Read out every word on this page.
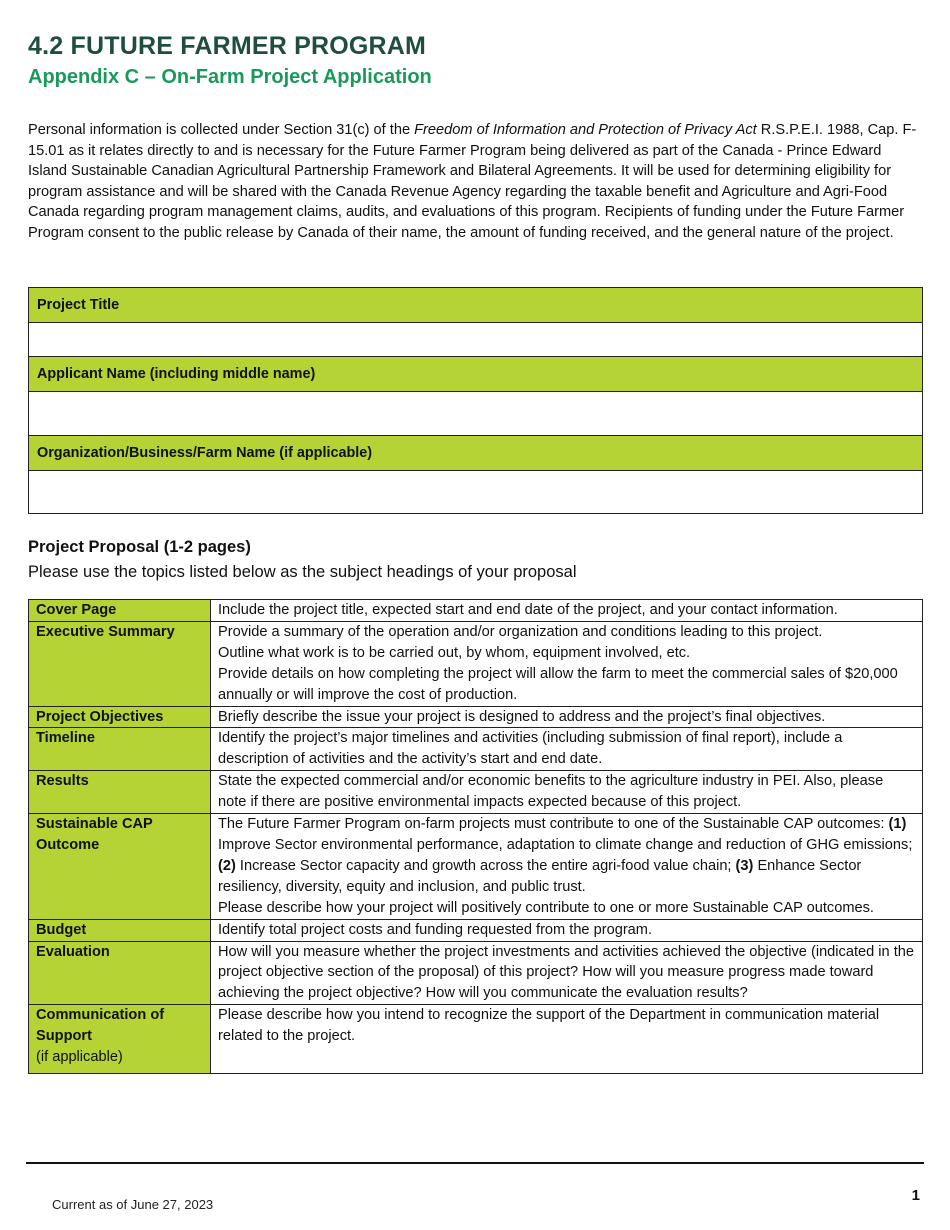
4.2 FUTURE FARMER PROGRAM
Appendix C – On-Farm Project Application

Personal information is collected under Section 31(c) of the Freedom of Information and Protection of Privacy Act R.S.P.E.I. 1988, Cap. F-15.01 as it relates directly to and is necessary for the Future Farmer Program being delivered as part of the Canada - Prince Edward Island Sustainable Canadian Agricultural Partnership Framework and Bilateral Agreements. It will be used for determining eligibility for program assistance and will be shared with the Canada Revenue Agency regarding the taxable benefit and Agriculture and Agri-Food Canada regarding program management claims, audits, and evaluations of this program. Recipients of funding under the Future Farmer Program consent to the public release by Canada of their name, the amount of funding received, and the general nature of the project.

Project Title

Applicant Name (including middle name)

Organization/Business/Farm Name (if applicable)

Project Proposal (1-2 pages)
Please use the topics listed below as the subject headings of your proposal
Cover Page	Include the project title, expected start and end date of the project, and your contact information.
Executive Summary	Provide a summary of the operation and/or organization and conditions leading to this project.
Outline what work is to be carried out, by whom, equipment involved, etc.
Provide details on how completing the project will allow the farm to meet the commercial sales of $20,000 annually or will improve the cost of production.
Project Objectives	Briefly describe the issue your project is designed to address and the project’s final objectives.
Timeline	Identify the project’s major timelines and activities (including submission of final report), include a description of activities and the activity’s start and end date.
Results	State the expected commercial and/or economic benefits to the agriculture industry in PEI. Also, please note if there are positive environmental impacts expected because of this project.
Sustainable CAP Outcome	The Future Farmer Program on-farm projects must contribute to one of the Sustainable CAP outcomes: (1) Improve Sector environmental performance, adaptation to climate change and reduction of GHG emissions; (2) Increase Sector capacity and growth across the entire agri-food value chain; (3) Enhance Sector resiliency, diversity, equity and inclusion, and public trust.
Please describe how your project will positively contribute to one or more Sustainable CAP outcomes.
Budget	Identify total project costs and funding requested from the program.
Evaluation	How will you measure whether the project investments and activities achieved the objective (indicated in the project objective section of the proposal) of this project? How will you measure progress made toward achieving the project objective? How will you communicate the evaluation results?
Communication of Support
(if applicable)	Please describe how you intend to recognize the support of the Department in communication material related to the project.
Current as of June 27, 2023
1
